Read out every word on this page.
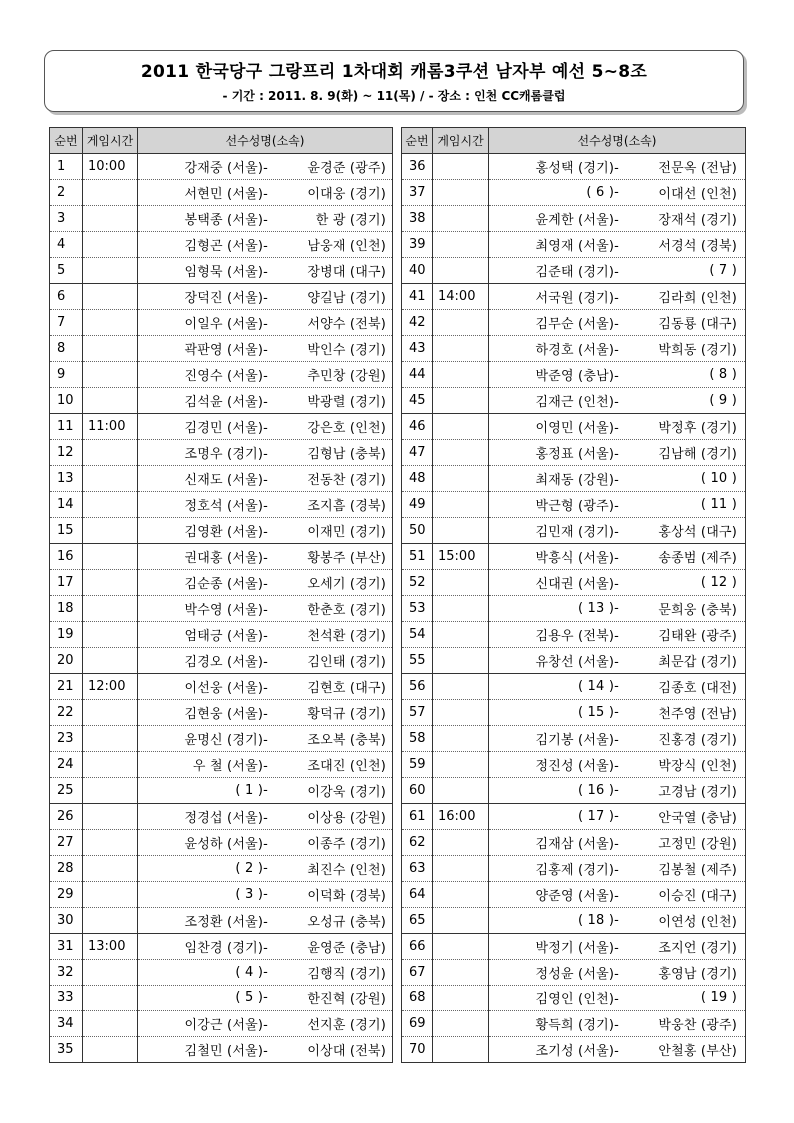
2011 한국당구 그랑프리 1차대회 캐롬3쿠션 남자부 예선 5~8조
- 기간 : 2011. 8. 9(화) ~ 11(목) / - 장소 : 인천 CC캐롬클럽
순번	게임시간	선수성명(소속)
1	10:00	강재중 (서울)- 윤경준 (광주)
2		서현민 (서울)- 이대웅 (경기)
3		봉택종 (서울)- 한 광 (경기)
4		김형곤 (서울)- 남웅재 (인천)
5		임형묵 (서울)- 장병대 (대구)
6		장덕진 (서울)- 양길남 (경기)
7		이일우 (서울)- 서양수 (전북)
8		곽판영 (서울)- 박인수 (경기)
9		진영수 (서울)- 추민창 (강원)
10		김석윤 (서울)- 박광렬 (경기)
11	11:00	김경민 (서울)- 강은호 (인천)
12		조명우 (경기)- 김형남 (충북)
13		신재도 (서울)- 전동찬 (경기)
14		정호석 (서울)- 조지흠 (경북)
15		김영환 (서울)- 이재민 (경기)
16		권대홍 (서울)- 황봉주 (부산)
17		김순종 (서울)- 오세기 (경기)
18		박수영 (서울)- 한춘호 (경기)
19		엄태긍 (서울)- 천석환 (경기)
20		김경오 (서울)- 김인태 (경기)
21	12:00	이선웅 (서울)- 김현호 (대구)
22		김현웅 (서울)- 황덕규 (경기)
23		윤명신 (경기)- 조오복 (충북)
24		우 철 (서울)- 조대진 (인천)
25		( 1 )- 이강욱 (경기)
26		정경섭 (서울)- 이상용 (강원)
27		윤성하 (서울)- 이종주 (경기)
28		( 2 )- 최진수 (인천)
29		( 3 )- 이덕화 (경북)
30		조정환 (서울)- 오성규 (충북)
31	13:00	임찬경 (경기)- 윤영준 (충남)
32		( 4 )- 김행직 (경기)
33		( 5 )- 한진혁 (강원)
34		이강근 (서울)- 선지훈 (경기)
35		김철민 (서울)- 이상대 (전북)
순번	게임시간	선수성명(소속)
36		홍성택 (경기)- 전문옥 (전남)
37		( 6 )- 이대선 (인천)
38		윤계한 (서울)- 장재석 (경기)
39		최영재 (서울)- 서경석 (경북)
40		김준태 (경기)- ( 7 )
41	14:00	서국원 (경기)- 김라희 (인천)
42		김무순 (서울)- 김동룡 (대구)
43		하경호 (서울)- 박희동 (경기)
44		박준영 (충남)- ( 8 )
45		김재근 (인천)- ( 9 )
46		이영민 (서울)- 박정후 (경기)
47		홍정표 (서울)- 김남해 (경기)
48		최재동 (강원)- ( 10 )
49		박근형 (광주)- ( 11 )
50		김민재 (경기)- 홍상석 (대구)
51	15:00	박흥식 (서울)- 송종범 (제주)
52		신대권 (서울)- ( 12 )
53		( 13 )- 문희웅 (충북)
54		김용우 (전북)- 김태완 (광주)
55		유창선 (서울)- 최문갑 (경기)
56		( 14 )- 김종호 (대전)
57		( 15 )- 천주영 (전남)
58		김기봉 (서울)- 진홍경 (경기)
59		정진성 (서울)- 박장식 (인천)
60		( 16 )- 고경남 (경기)
61	16:00	( 17 )- 안국열 (충남)
62		김재삼 (서울)- 고정민 (강원)
63		김홍제 (경기)- 김봉철 (제주)
64		양준영 (서울)- 이승진 (대구)
65		( 18 )- 이연성 (인천)
66		박정기 (서울)- 조지언 (경기)
67		정성윤 (서울)- 홍영남 (경기)
68		김영인 (인천)- ( 19 )
69		황득희 (경기)- 박웅찬 (광주)
70		조기성 (서울)- 안철홍 (부산)
